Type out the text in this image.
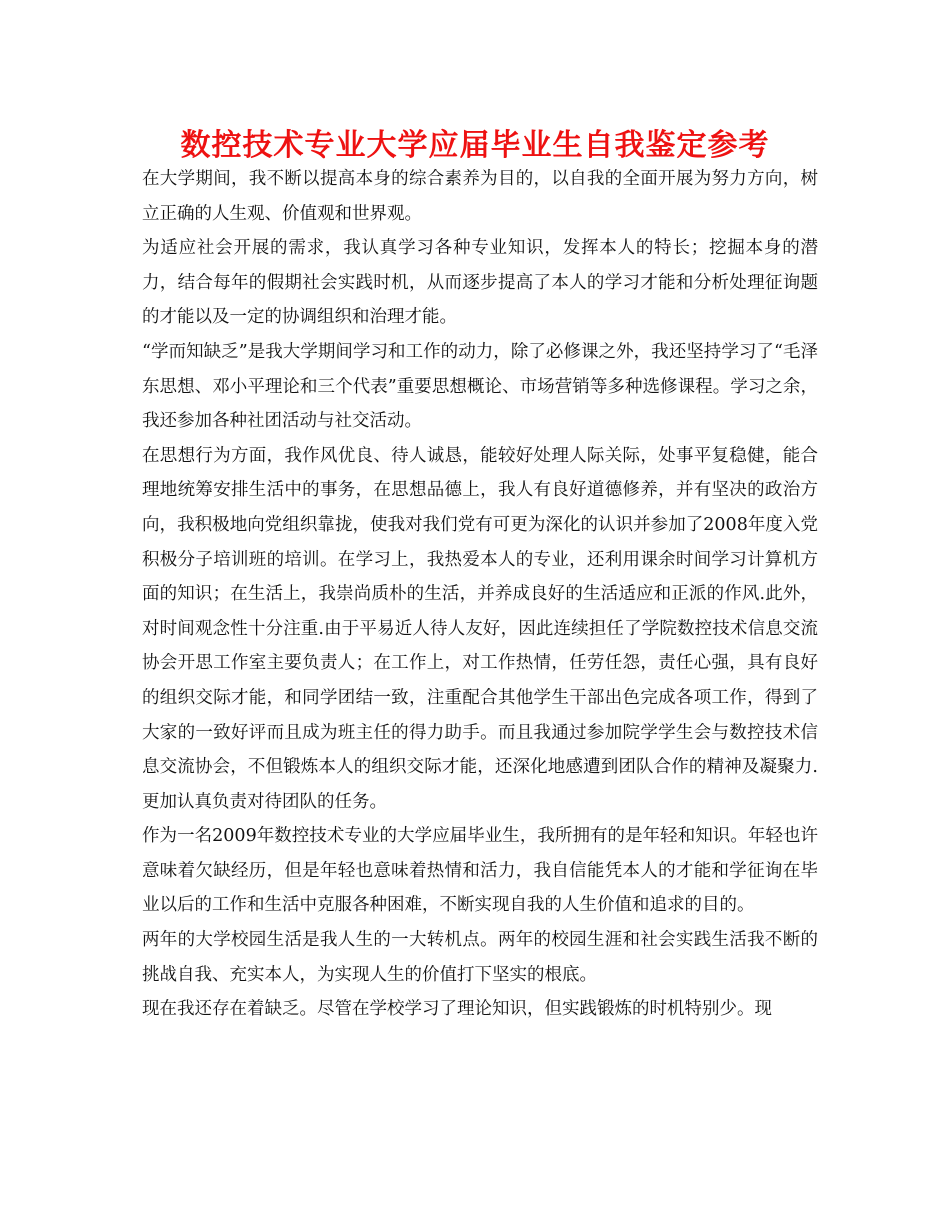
数控技术专业大学应届毕业生自我鉴定参考

在大学期间，我不断以提高本身的综合素养为目的，以自我的全面开展为努力方向，树立正确的人生观、价值观和世界观。

为适应社会开展的需求，我认真学习各种专业知识，发挥本人的特长；挖掘本身的潜力，结合每年的假期社会实践时机，从而逐步提高了本人的学习才能和分析处理征询题的才能以及一定的协调组织和治理才能。

“学而知缺乏”是我大学期间学习和工作的动力，除了必修课之外，我还坚持学习了“毛泽东思想、邓小平理论和三个代表”重要思想概论、市场营销等多种选修课程。学习之余，我还参加各种社团活动与社交活动。

在思想行为方面，我作风优良、待人诚恳，能较好处理人际关际，处事平复稳健，能合理地统筹安排生活中的事务，在思想品德上，我人有良好道德修养，并有坚决的政治方向，我积极地向党组织靠拢，使我对我们党有可更为深化的认识并参加了2008年度入党积极分子培训班的培训。在学习上，我热爱本人的专业，还利用课余时间学习计算机方面的知识；在生活上，我崇尚质朴的生活，并养成良好的生活适应和正派的作风.此外，对时间观念性十分注重.由于平易近人待人友好，因此连续担任了学院数控技术信息交流协会开思工作室主要负责人；在工作上，对工作热情，任劳任怨，责任心强，具有良好的组织交际才能，和同学团结一致，注重配合其他学生干部出色完成各项工作，得到了大家的一致好评而且成为班主任的得力助手。而且我通过参加院学学生会与数控技术信息交流协会，不但锻炼本人的组织交际才能，还深化地感遭到团队合作的精神及凝聚力.更加认真负责对待团队的任务。

作为一名2009年数控技术专业的大学应届毕业生，我所拥有的是年轻和知识。年轻也许意味着欠缺经历，但是年轻也意味着热情和活力，我自信能凭本人的才能和学征询在毕业以后的工作和生活中克服各种困难，不断实现自我的人生价值和追求的目的。

两年的大学校园生活是我人生的一大转机点。两年的校园生涯和社会实践生活我不断的挑战自我、充实本人，为实现人生的价值打下坚实的根底。

现在我还存在着缺乏。尽管在学校学习了理论知识，但实践锻炼的时机特别少。现
